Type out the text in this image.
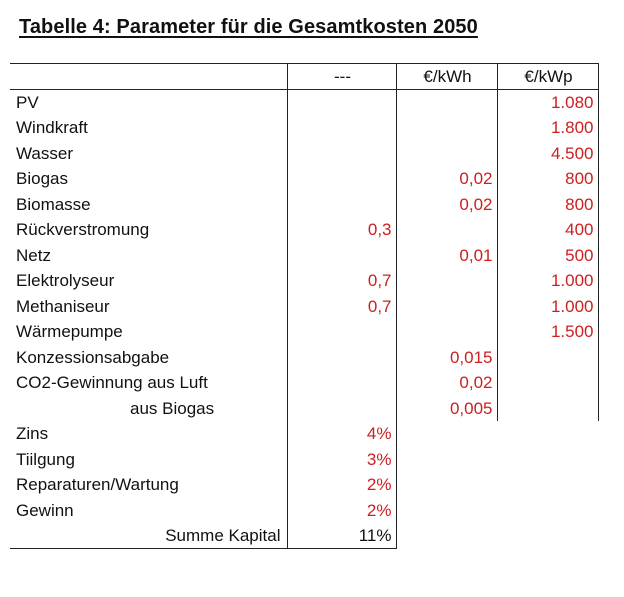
Tabelle 4: Parameter für die Gesamtkosten 2050
	---	€/kWh	€/kWp
PV			1.080
Windkraft			1.800
Wasser			4.500
Biogas		0,02	800
Biomasse		0,02	800
Rückverstromung	0,3		400
Netz		0,01	500
Elektrolyseur	0,7		1.000
Methaniseur	0,7		1.000
Wärmepumpe			1.500
Konzessionsabgabe		0,015	
CO2-Gewinnung aus Luft		0,02	
aus Biogas		0,005	
Zins	4%		
Tiilgung	3%		
Reparaturen/Wartung	2%		
Gewinn	2%		
Summe Kapital	11%		
